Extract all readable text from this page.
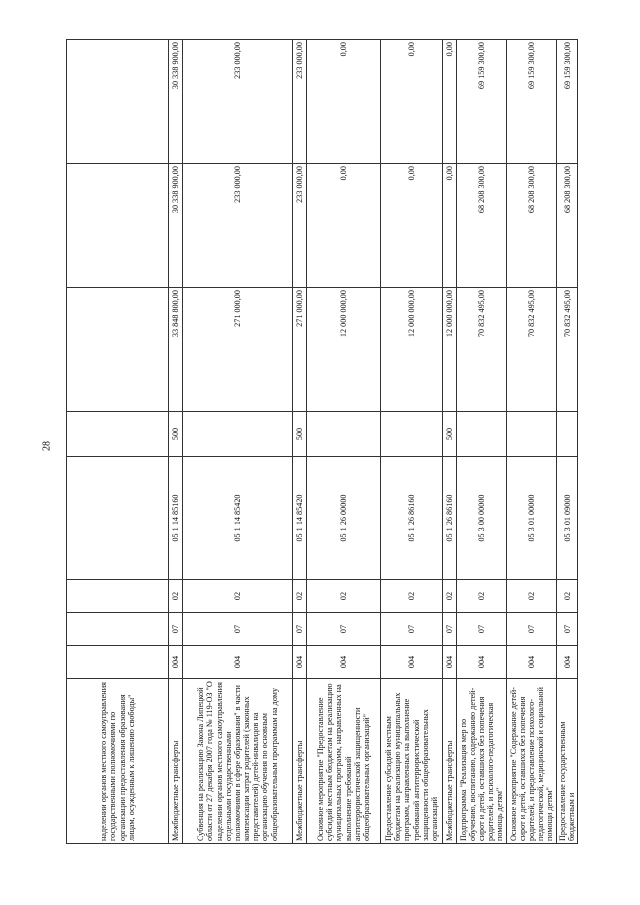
28
наделении органов местного самоуправления государственными полномочиями по организации предоставления образования лицам, осужденным к лишению свободы"								
Межбюджетные трансферты	004	07	02	05 1 14 85160	500	33 848 800,00	30 338 900,00	30 338 900,00
Субвенция на реализацию Закона Липецкой области от 27 декабря 2007 года № 119-ОЗ "О наделении органов местного самоуправления отдельными государственными полномочиями в сфере образования" в части компенсации затрат родителей (законных представителей) детей-инвалидов на организацию обучения по основным общеобразовательным программам на дому	004	07	02	05 1 14 85420		271 000,00	233 000,00	233 000,00
Межбюджетные трансферты	004	07	02	05 1 14 85420	500	271 000,00	233 000,00	233 000,00
Основное мероприятие "Предоставление субсидий местным бюджетам на реализацию муниципальных программ, направленных на выполнение требований антитеррористической защищенности общеобразовательных организаций"	004	07	02	05 1 26 00000		12 000 000,00	0,00	0,00
Предоставление субсидий местным бюджетам на реализацию муниципальных программ, направленных на выполнение требований антитеррористической защищенности общеобразовательных организаций	004	07	02	05 1 26 86160		12 000 000,00	0,00	0,00
Межбюджетные трансферты	004	07	02	05 1 26 86160	500	12 000 000,00	0,00	0,00
Подпрограмма "Реализация мер по обучению, воспитанию, содержанию детей-сирот и детей, оставшихся без попечения родителей, и психолого-педагогическая помощь детям"	004	07	02	05 3 00 00000		70 832 495,00	68 208 300,00	69 159 300,00
Основное мероприятие "Содержание детей-сирот и детей, оставшихся без попечения родителей, и предоставление психолого-педагогической, медицинской и социальной помощи детям"	004	07	02	05 3 01 00000		70 832 495,00	68 208 300,00	69 159 300,00
Предоставление государственным бюджетным и	004	07	02	05 3 01 09000		70 832 495,00	68 208 300,00	69 159 300,00
